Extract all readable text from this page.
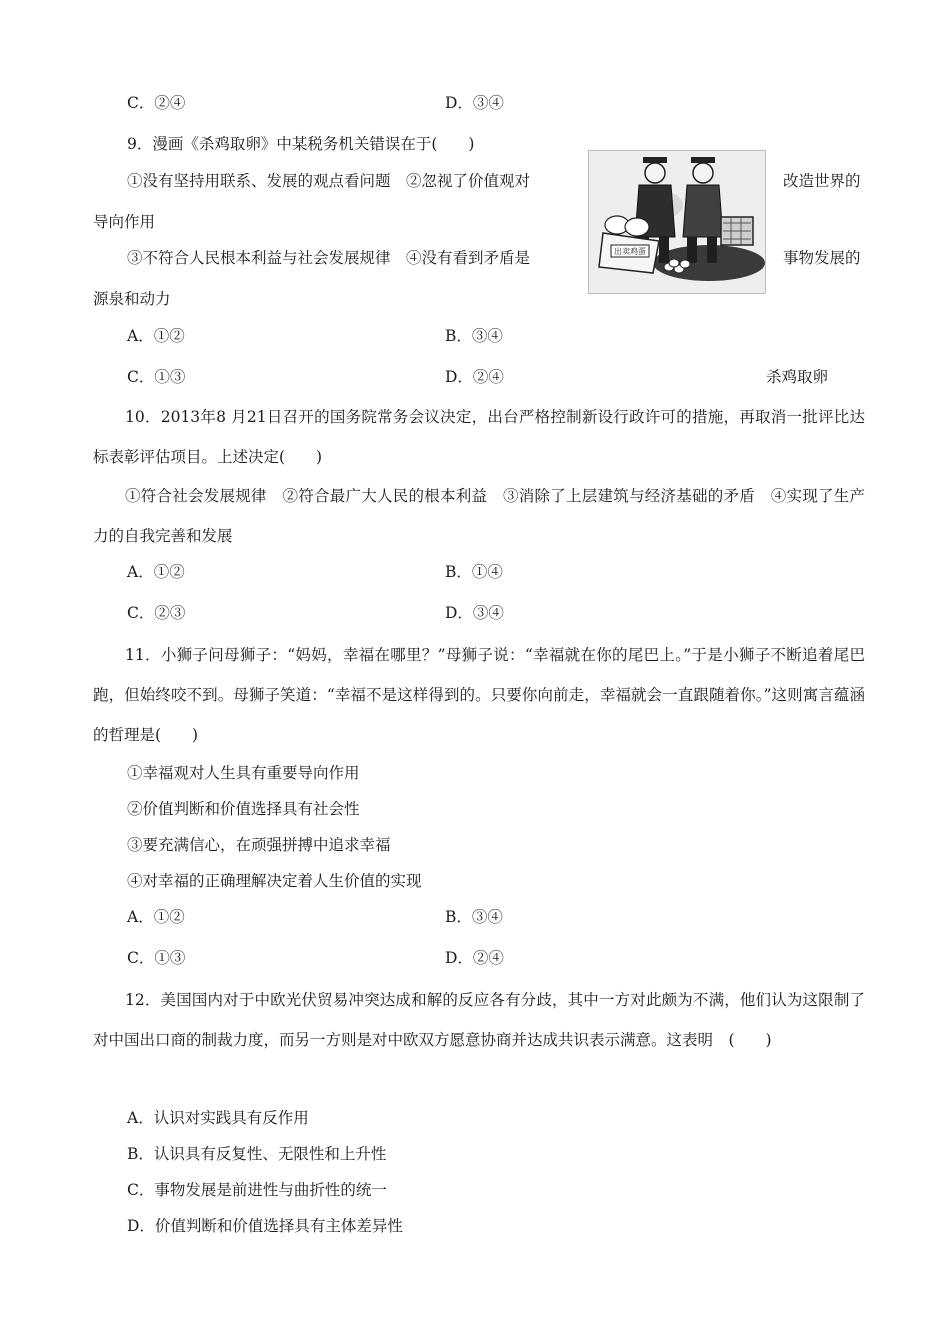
C．②④	D．③④
9．漫画《杀鸡取卵》中某税务机关错误在于(　　)
①没有坚持用联系、发展的观点看问题　②忽视了价值观对	改造世界的
导向作用
③不符合人民根本利益与社会发展规律　④没有看到矛盾是	事物发展的
源泉和动力
出卖鸡蛋
A．①②	B．③④
C．①③	D．②④	杀鸡取卵
10．2013年8 月21日召开的国务院常务会议决定，出台严格控制新设行政许可的措施，再取消一批评比达标表彰评估项目。上述决定(　　)
①符合社会发展规律　②符合最广大人民的根本利益　③消除了上层建筑与经济基础的矛盾　④实现了生产力的自我完善和发展
A．①②	B．①④
C．②③	D．③④
11．小狮子问母狮子：“妈妈，幸福在哪里？”母狮子说：“幸福就在你的尾巴上。”于是小狮子不断追着尾巴跑，但始终咬不到。母狮子笑道：“幸福不是这样得到的。只要你向前走，幸福就会一直跟随着你。”这则寓言蕴涵的哲理是(　　)
①幸福观对人生具有重要导向作用
②价值判断和价值选择具有社会性
③要充满信心，在顽强拼搏中追求幸福
④对幸福的正确理解决定着人生价值的实现
A．①②	B．③④
C．①③	D．②④
12．美国国内对于中欧光伏贸易冲突达成和解的反应各有分歧，其中一方对此颇为不满，他们认为这限制了对中国出口商的制裁力度，而另一方则是对中欧双方愿意协商并达成共识表示满意。这表明　(　　)
A．认识对实践具有反作用
B．认识具有反复性、无限性和上升性
C．事物发展是前进性与曲折性的统一
D．价值判断和价值选择具有主体差异性
